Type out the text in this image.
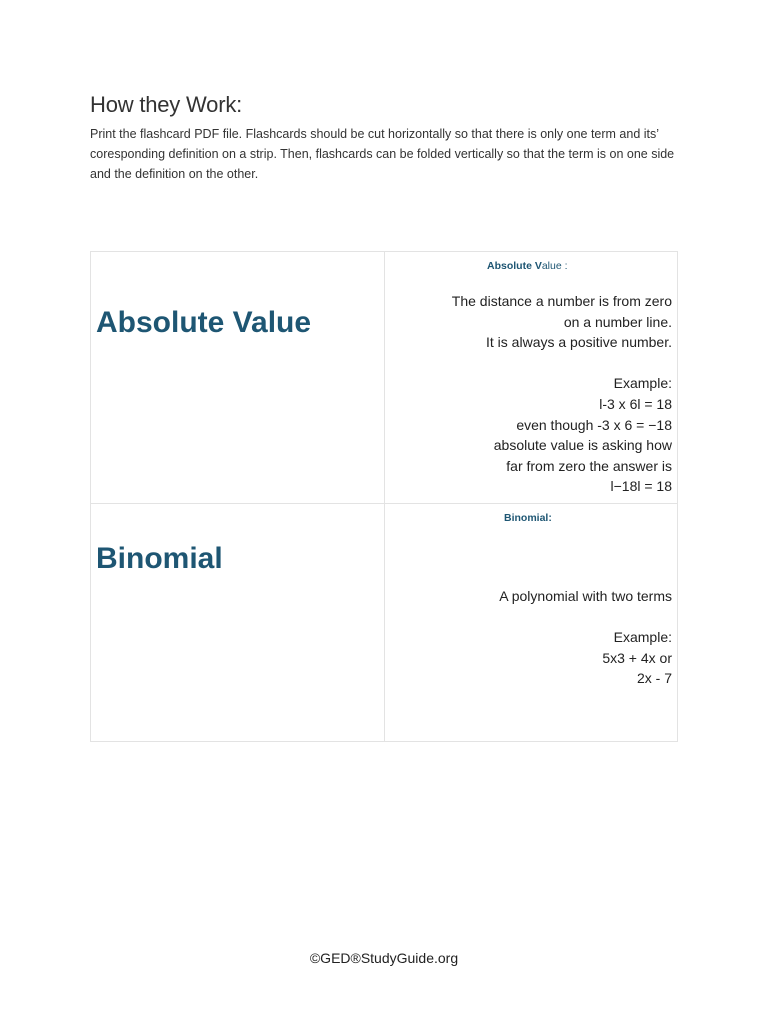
How they Work:

Print the flashcard PDF file. Flashcards should be cut horizontally so that there is only one term and its’ coresponding definition on a strip. Then, flashcards can be folded vertically so that the term is on one side and the definition on the other.

Absolute Value
Absolute Value :
The distance a number is from zero
on a number line.
It is always a positive number.
Example:
l-3 x 6l = 18
even though -3 x 6 = −18
absolute value is asking how
far from zero the answer is
l−18l = 18
Binomial
Binomial:
A polynomial with two terms
Example:
5x3 + 4x or
2x - 7
©GED®StudyGuide.org
